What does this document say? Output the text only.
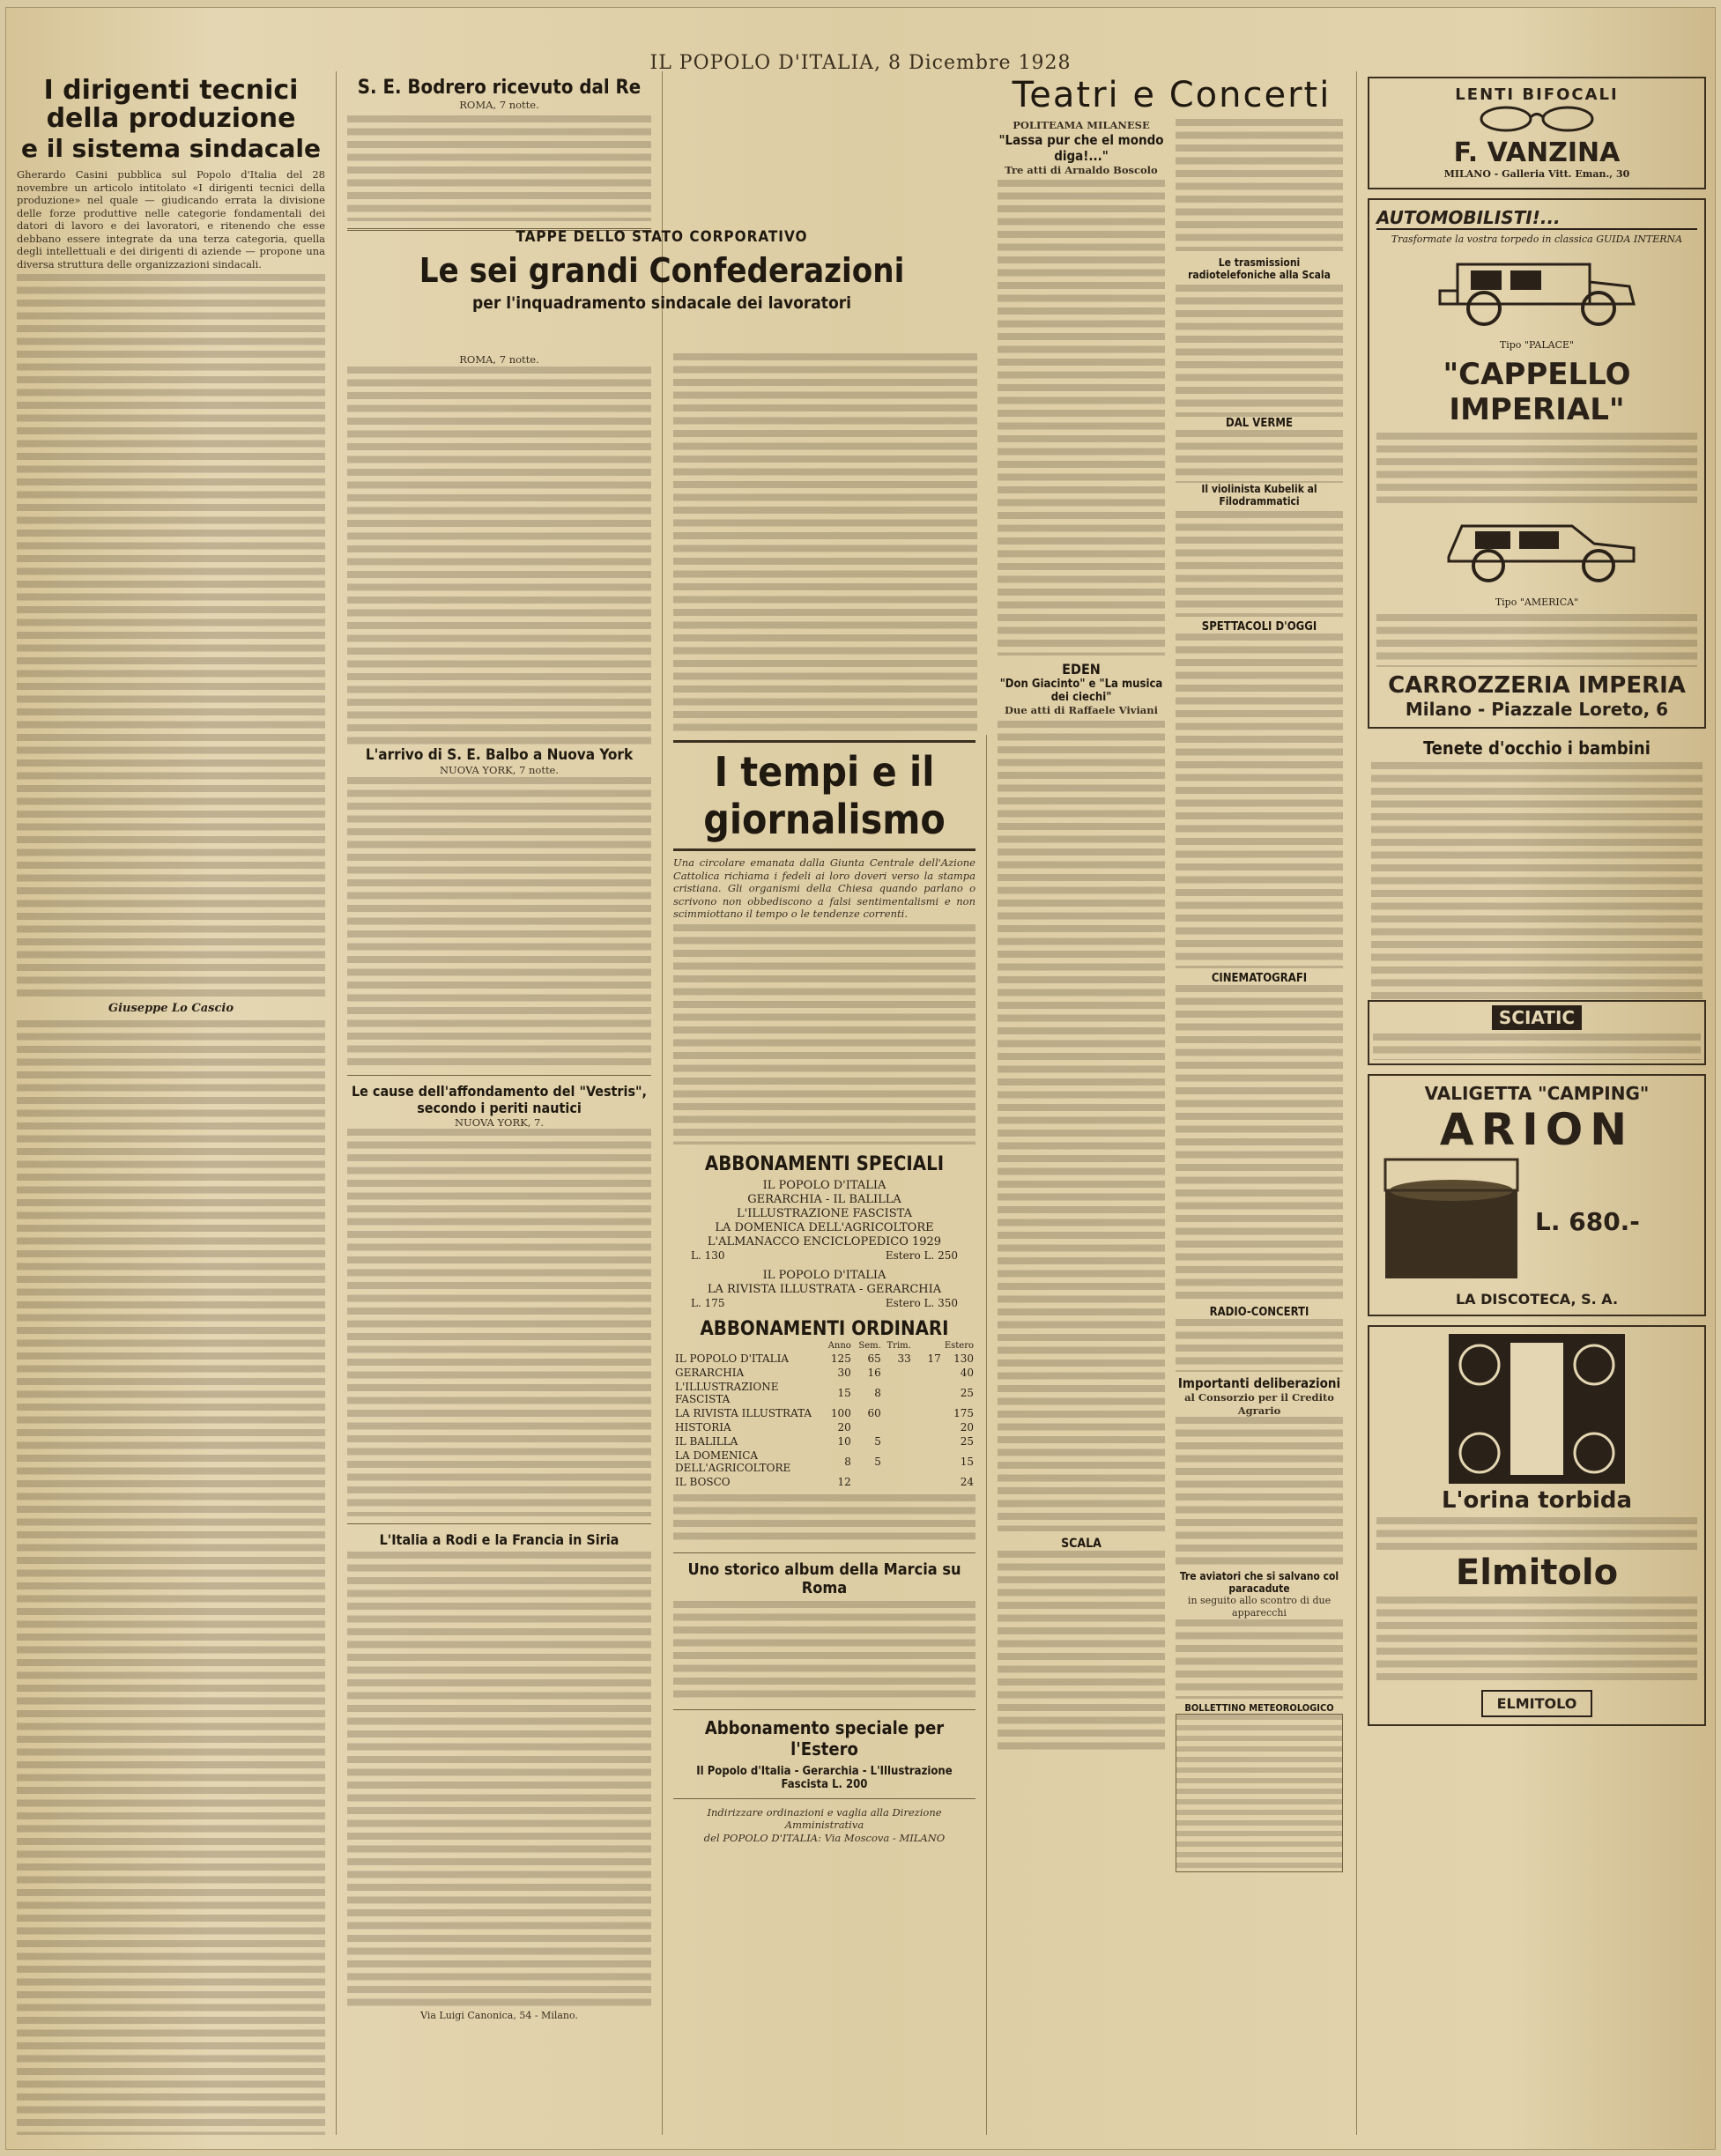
IL POPOLO D'ITALIA, 8 Dicembre 1928
I dirigenti tecnici della produzione
e il sistema sindacale
Gherardo Casini pubblica sul Popolo d'Italia del 28 novembre un articolo intitolato «I dirigenti tecnici della produzione» nel quale — giudicando errata la divisione delle forze produttive nelle categorie fondamentali dei datori di lavoro e dei lavoratori, e ritenendo che esse debbano essere integrate da una terza categoria, quella degli intellettuali e dei dirigenti di aziende — propone una diversa struttura delle organizzazioni sindacali.
Giuseppe Lo Cascio
S. E. Bodrero ricevuto dal Re
ROMA, 7 notte.
TAPPE DELLO STATO CORPORATIVO
Le sei grandi Confederazioni
per l'inquadramento sindacale dei lavoratori
ROMA, 7 notte.
L'arrivo di S. E. Balbo a Nuova York
NUOVA YORK, 7 notte.
Le cause dell'affondamento del "Vestris", secondo i periti nautici
NUOVA YORK, 7.
L'Italia a Rodi e la Francia in Siria
Via Luigi Canonica, 54 - Milano.
I tempi e il giornalismo
Una circolare emanata dalla Giunta Centrale dell'Azione Cattolica richiama i fedeli ai loro doveri verso la stampa cristiana. Gli organismi della Chiesa quando parlano o scrivono non obbediscono a falsi sentimentalismi e non scimmiottano il tempo o le tendenze correnti.
ABBONAMENTI SPECIALI
IL POPOLO D'ITALIA
GERARCHIA - IL BALILLA
L'ILLUSTRAZIONE FASCISTA
LA DOMENICA DELL'AGRICOLTORE
L'ALMANACCO ENCICLOPEDICO 1929
L. 130	Estero L. 250
IL POPOLO D'ITALIA
LA RIVISTA ILLUSTRATA - GERARCHIA
L. 175	Estero L. 350
ABBONAMENTI ORDINARI
	Anno	Sem.	Trim.		Estero
IL POPOLO D'ITALIA	125	65	33	17	130
GERARCHIA	30	16			40
L'ILLUSTRAZIONE FASCISTA	15	8			25
LA RIVISTA ILLUSTRATA	100	60			175
HISTORIA	20				20
IL BALILLA	10	5			25
LA DOMENICA DELL'AGRICOLTORE	8	5			15
IL BOSCO	12				24
Uno storico album della Marcia su Roma
Abbonamento speciale per l'Estero
Il Popolo d'Italia - Gerarchia - L'Illustrazione Fascista L. 200
Indirizzare ordinazioni e vaglia alla Direzione Amministrativa
del POPOLO D'ITALIA: Via Moscova - MILANO
Teatri e Concerti
POLITEAMA MILANESE
"Lassa pur che el mondo diga!..."
Tre atti di Arnaldo Boscolo
EDEN
"Don Giacinto" e "La musica dei ciechi"
Due atti di Raffaele Viviani
SCALA
Le trasmissioni radiotelefoniche alla Scala
DAL VERME
Il violinista Kubelik al Filodrammatici
SPETTACOLI D'OGGI
CINEMATOGRAFI
RADIO-CONCERTI
Importanti deliberazioni
al Consorzio per il Credito Agrario
Tre aviatori che si salvano col paracadute
in seguito allo scontro di due apparecchi
BOLLETTINO METEOROLOGICO
LENTI BIFOCALI
F. VANZINA
MILANO - Galleria Vitt. Eman., 30
AUTOMOBILISTI!...
Trasformate la vostra torpedo in classica GUIDA INTERNA
Tipo "PALACE"
"CAPPELLO IMPERIAL"
Tipo "AMERICA"
CARROZZERIA IMPERIA
Milano - Piazzale Loreto, 6
Tenete d'occhio i bambini
SCIATIC
VALIGETTA "CAMPING"
ARION
L. 680.-
LA DISCOTECA, S. A.
L'orina torbida
Elmitolo
ELMITOLO
